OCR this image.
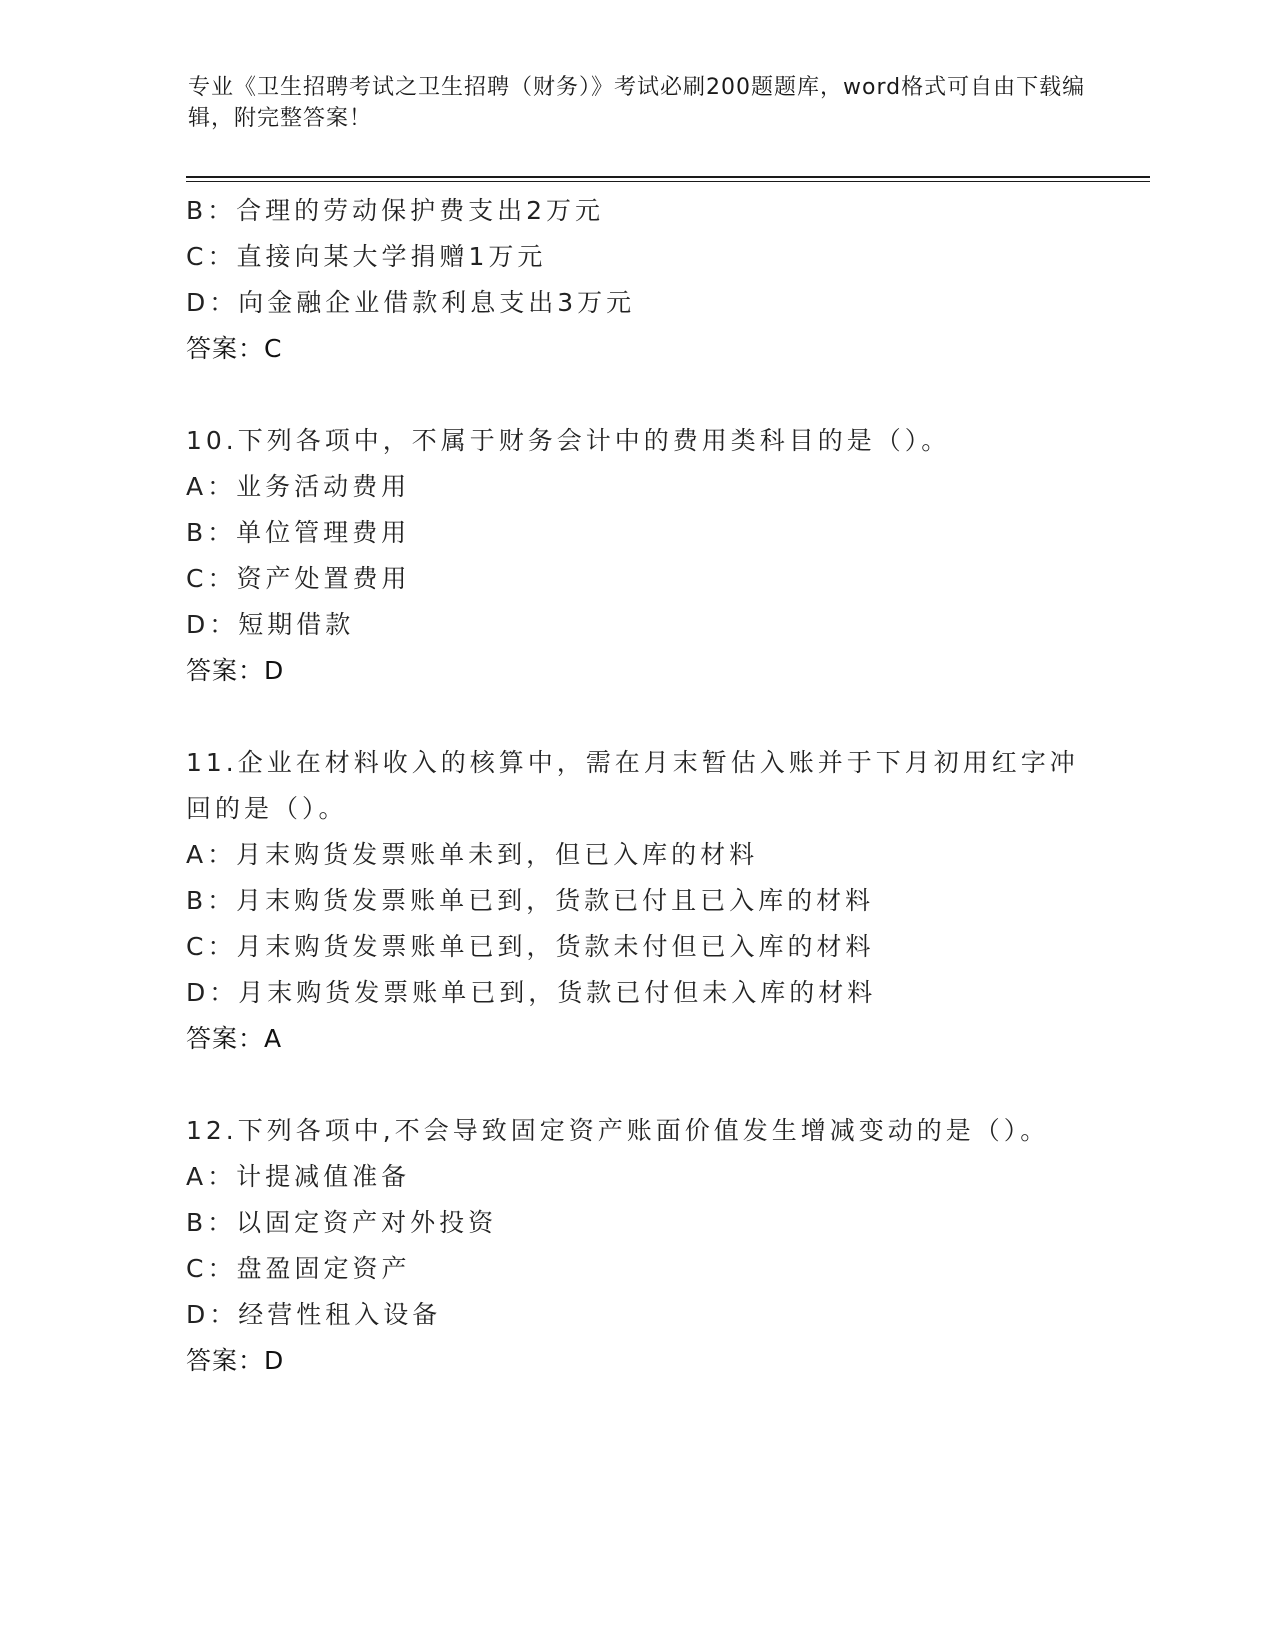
专业《卫生招聘考试之卫生招聘（财务）》考试必刷200题题库，word格式可自由下载编辑，附完整答案！
B：合理的劳动保护费支出2万元
C：直接向某大学捐赠1万元
D：向金融企业借款利息支出3万元
答案：C
10.下列各项中，不属于财务会计中的费用类科目的是（）。
A：业务活动费用
B：单位管理费用
C：资产处置费用
D：短期借款
答案：D
11.企业在材料收入的核算中，需在月末暂估入账并于下月初用红字冲回的是（）。
A：月末购货发票账单未到，但已入库的材料
B：月末购货发票账单已到，货款已付且已入库的材料
C：月末购货发票账单已到，货款未付但已入库的材料
D：月末购货发票账单已到，货款已付但未入库的材料
答案：A
12.下列各项中,不会导致固定资产账面价值发生增减变动的是（）。
A：计提减值准备
B：以固定资产对外投资
C：盘盈固定资产
D：经营性租入设备
答案：D
